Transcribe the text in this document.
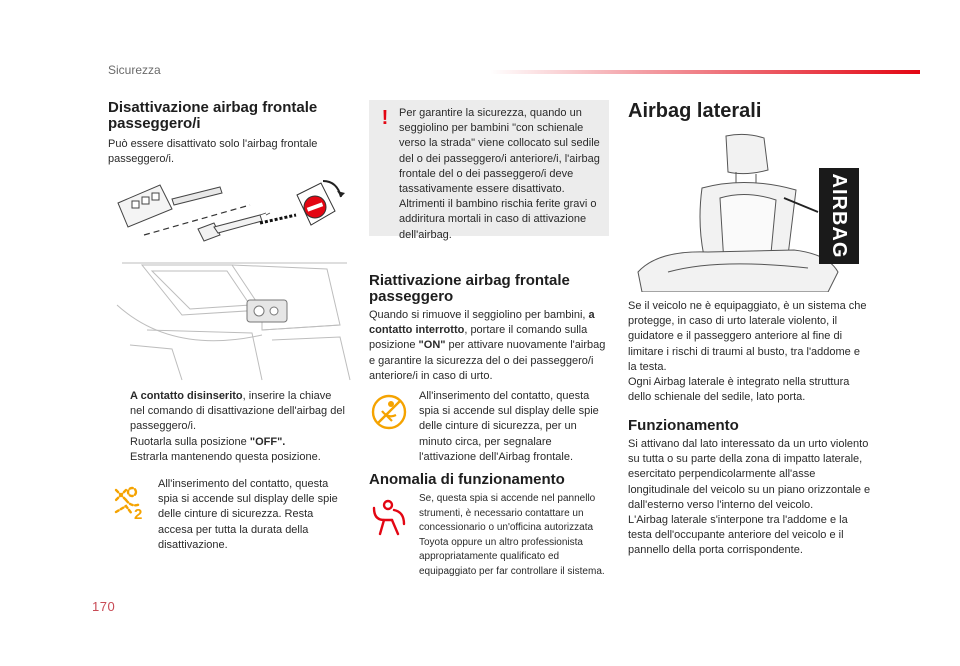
Sicurezza
170
Disattivazione airbag frontale passeggero/i
Può essere disattivato solo l'airbag frontale passeggero/i.
A contatto disinserito, inserire la chiave nel comando di disattivazione dell'airbag del passeggero/i.
Ruotarla sulla posizione "OFF".
Estrarla mantenendo questa posizione.
2
All'inserimento del contatto, questa spia si accende sul display delle spie delle cinture di sicurezza. Resta accesa per tutta la durata della disattivazione.
! Per garantire la sicurezza, quando un seggiolino per bambini "con schienale verso la strada" viene collocato sul sedile del o dei passeggero/i anteriore/i, l'airbag frontale del o dei passeggero/i deve tassativamente essere disattivato. Altrimenti il bambino rischia ferite gravi o addiritura mortali in caso di attivazione dell'airbag.
Riattivazione airbag frontale passeggero
Quando si rimuove il seggiolino per bambini, a contatto interrotto, portare il comando sulla posizione "ON" per attivare nuovamente l'airbag e garantire la sicurezza del o dei passeggero/i anteriore/i in caso di urto.
All'inserimento del contatto, questa spia si accende sul display delle spie delle cinture di sicurezza, per un minuto circa, per segnalare l'attivazione dell'Airbag frontale.
Anomalia di funzionamento
Se, questa spia si accende nel pannello strumenti, è necessario contattare un concessionario o un'officina autorizzata Toyota oppure un altro professionista appropriatamente qualificato ed equipaggiato per far controllare il sistema.
Airbag laterali
AIRBAG
Se il veicolo ne è equipaggiato, è un sistema che protegge, in caso di urto laterale violento, il guidatore e il passeggero anteriore al fine di limitare i rischi di traumi al busto, tra l'addome e la testa.
Ogni Airbag laterale è integrato nella struttura dello schienale del sedile, lato porta.
Funzionamento
Si attivano dal lato interessato da un urto violento su tutta o su parte della zona di impatto laterale, esercitato perpendicolarmente all'asse longitudinale del veicolo su un piano orizzontale e dall'esterno verso l'interno del veicolo.
L'Airbag laterale s'interpone tra l'addome e la testa dell'occupante anteriore del veicolo e il pannello della porta corrispondente.
